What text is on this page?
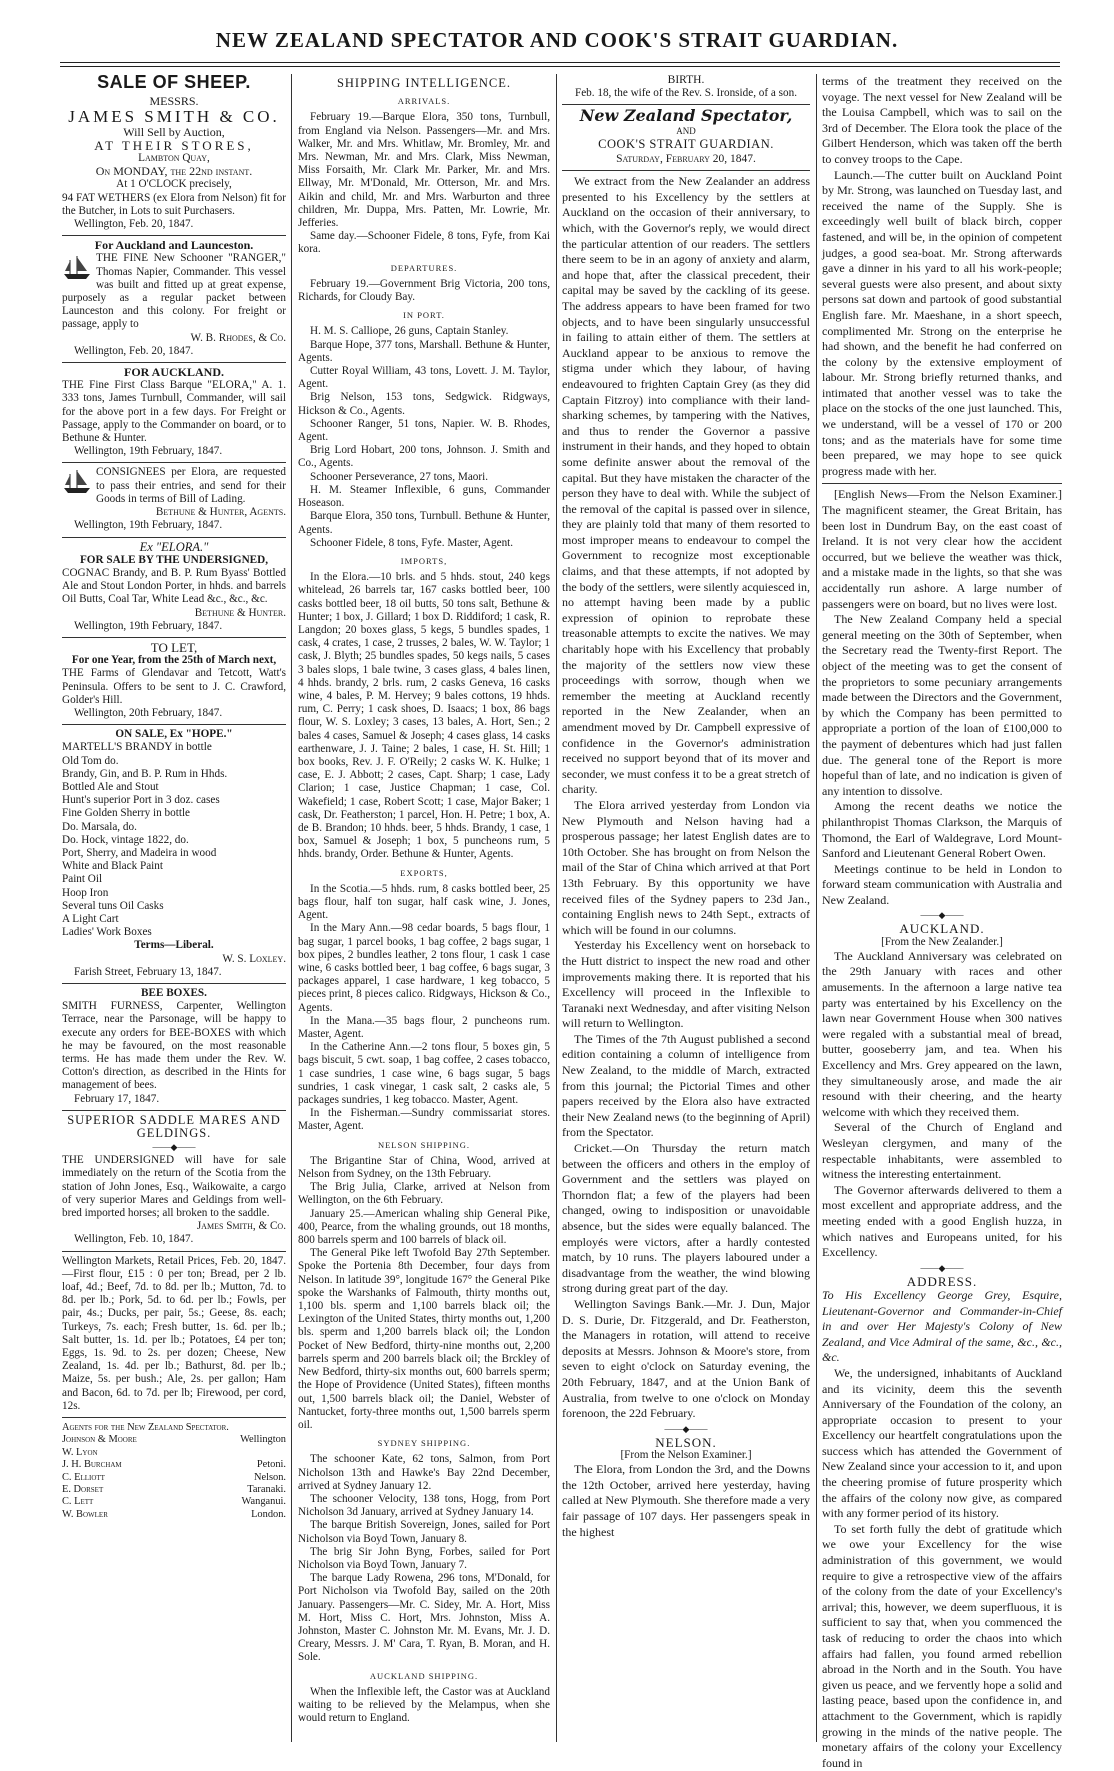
NEW ZEALAND SPECTATOR AND COOK'S STRAIT GUARDIAN.
SALE OF SHEEP.
MESSRS.
JAMES SMITH & CO.
Will Sell by Auction,
AT THEIR STORES,
Lambton Quay,
On MONDAY, the 22nd instant.
At 1 O'CLOCK precisely,

94 FAT WETHERS (ex Elora from Nelson) fit for the Butcher, in Lots to suit Purchasers.

Wellington, Feb. 20, 1847.

For Auckland and Launceston.

THE FINE New Schooner "RANGER," Thomas Napier, Commander. This vessel was built and fitted up at great expense, purposely as a regular packet between Launceston and this colony. For freight or passage, apply to

W. B. Rhodes, & Co.

Wellington, Feb. 20, 1847.

FOR AUCKLAND.

THE Fine First Class Barque "ELORA," A. 1. 333 tons, James Turnbull, Commander, will sail for the above port in a few days. For Freight or Passage, apply to the Commander on board, or to Bethune & Hunter.

Wellington, 19th February, 1847.

CONSIGNEES per Elora, are requested to pass their entries, and send for their Goods in terms of Bill of Lading.

Bethune & Hunter, Agents.

Wellington, 19th February, 1847.

Ex "ELORA."
FOR SALE BY THE UNDERSIGNED,

COGNAC Brandy, and B. P. Rum Byass' Bottled Ale and Stout London Porter, in hhds. and barrels Oil Butts, Coal Tar, White Lead &c., &c., &c.

Bethune & Hunter.

Wellington, 19th February, 1847.

TO LET,
For one Year, from the 25th of March next,

THE Farms of Glendavar and Tetcott, Watt's Peninsula. Offers to be sent to J. C. Crawford, Golder's Hill.

Wellington, 20th February, 1847.

ON SALE, Ex "HOPE."
MARTELL'S BRANDY in bottle
Old Tom do.
Brandy, Gin, and B. P. Rum in Hhds.
Bottled Ale and Stout
Hunt's superior Port in 3 doz. cases
Fine Golden Sherry in bottle
Do. Marsala, do.
Do. Hock, vintage 1822, do.
Port, Sherry, and Madeira in wood
White and Black Paint
Paint Oil
Hoop Iron
Several tuns Oil Casks
A Light Cart
Ladies' Work Boxes
Terms—Liberal.

W. S. Loxley.

Farish Street, February 13, 1847.

BEE BOXES.

SMITH FURNESS, Carpenter, Wellington Terrace, near the Parsonage, will be happy to execute any orders for BEE-BOXES with which he may be favoured, on the most reasonable terms. He has made them under the Rev. W. Cotton's direction, as described in the Hints for management of bees.

February 17, 1847.

SUPERIOR SADDLE MARES AND GELDINGS.
——◆——

THE UNDERSIGNED will have for sale immediately on the return of the Scotia from the station of John Jones, Esq., Waikowaite, a cargo of very superior Mares and Geldings from well-bred imported horses; all broken to the saddle.

James Smith, & Co.

Wellington, Feb. 10, 1847.

Wellington Markets, Retail Prices, Feb. 20, 1847.—First flour, £15 : 0 per ton; Bread, per 2 lb. loaf, 4d.; Beef, 7d. to 8d. per lb.; Mutton, 7d. to 8d. per lb.; Pork, 5d. to 6d. per lb.; Fowls, per pair, 4s.; Ducks, per pair, 5s.; Geese, 8s. each; Turkeys, 7s. each; Fresh butter, 1s. 6d. per lb.; Salt butter, 1s. 1d. per lb.; Potatoes, £4 per ton; Eggs, 1s. 9d. to 2s. per dozen; Cheese, New Zealand, 1s. 4d. per lb.; Bathurst, 8d. per lb.; Maize, 5s. per bush.; Ale, 2s. per gallon; Ham and Bacon, 6d. to 7d. per lb; Firewood, per cord, 12s.

Agents for the New Zealand Spectator.
Johnson & Moore	Wellington
W. Lyon
J. H. Burcham	Petoni.
C. Elliott	Nelson.
E. Dorset	Taranaki.
C. Lett	Wanganui.
W. Bowler	London.
SHIPPING INTELLIGENCE.
ARRIVALS.

February 19.—Barque Elora, 350 tons, Turnbull, from England via Nelson. Passengers—Mr. and Mrs. Walker, Mr. and Mrs. Whitlaw, Mr. Bromley, Mr. and Mrs. Newman, Mr. and Mrs. Clark, Miss Newman, Miss Forsaith, Mr. Clark Mr. Parker, Mr. and Mrs. Ellway, Mr. M'Donald, Mr. Otterson, Mr. and Mrs. Aikin and child, Mr. and Mrs. Warburton and three children, Mr. Duppa, Mrs. Patten, Mr. Lowrie, Mr. Jefferies.

Same day.—Schooner Fidele, 8 tons, Fyfe, from Kai kora.

DEPARTURES.

February 19.—Government Brig Victoria, 200 tons, Richards, for Cloudy Bay.

IN PORT.

H. M. S. Calliope, 26 guns, Captain Stanley.

Barque Hope, 377 tons, Marshall. Bethune & Hunter, Agents.

Cutter Royal William, 43 tons, Lovett. J. M. Taylor, Agent.

Brig Nelson, 153 tons, Sedgwick. Ridgways, Hickson & Co., Agents.

Schooner Ranger, 51 tons, Napier. W. B. Rhodes, Agent.

Brig Lord Hobart, 200 tons, Johnson. J. Smith and Co., Agents.

Schooner Perseverance, 27 tons, Maori.

H. M. Steamer Inflexible, 6 guns, Commander Hoseason.

Barque Elora, 350 tons, Turnbull. Bethune & Hunter, Agents.

Schooner Fidele, 8 tons, Fyfe. Master, Agent.

IMPORTS,

In the Elora.—10 brls. and 5 hhds. stout, 240 kegs whitelead, 26 barrels tar, 167 casks bottled beer, 100 casks bottled beer, 18 oil butts, 50 tons salt, Bethune & Hunter; 1 box, J. Gillard; 1 box D. Riddiford; 1 cask, R. Langdon; 20 boxes glass, 5 kegs, 5 bundles spades, 1 cask, 4 crates, 1 case, 2 trusses, 2 bales, W. W. Taylor; 1 cask, J. Blyth; 25 bundles spades, 50 kegs nails, 5 cases 3 bales slops, 1 bale twine, 3 cases glass, 4 bales linen, 4 hhds. brandy, 2 brls. rum, 2 casks Geneva, 16 casks wine, 4 bales, P. M. Hervey; 9 bales cottons, 19 hhds. rum, C. Perry; 1 cask shoes, D. Isaacs; 1 box, 86 bags flour, W. S. Loxley; 3 cases, 13 bales, A. Hort, Sen.; 2 bales 4 cases, Samuel & Joseph; 4 cases glass, 14 casks earthenware, J. J. Taine; 2 bales, 1 case, H. St. Hill; 1 box books, Rev. J. F. O'Reily; 2 casks W. K. Hulke; 1 case, E. J. Abbott; 2 cases, Capt. Sharp; 1 case, Lady Clarion; 1 case, Justice Chapman; 1 case, Col. Wakefield; 1 case, Robert Scott; 1 case, Major Baker; 1 cask, Dr. Featherston; 1 parcel, Hon. H. Petre; 1 box, A. de B. Brandon; 10 hhds. beer, 5 hhds. Brandy, 1 case, 1 box, Samuel & Joseph; 1 box, 5 puncheons rum, 5 hhds. brandy, Order. Bethune & Hunter, Agents.

EXPORTS,

In the Scotia.—5 hhds. rum, 8 casks bottled beer, 25 bags flour, half ton sugar, half cask wine, J. Jones, Agent.

In the Mary Ann.—98 cedar boards, 5 bags flour, 1 bag sugar, 1 parcel books, 1 bag coffee, 2 bags sugar, 1 box pipes, 2 bundles leather, 2 tons flour, 1 cask 1 case wine, 6 casks bottled beer, 1 bag coffee, 6 bags sugar, 3 packages apparel, 1 case hardware, 1 keg tobacco, 5 pieces print, 8 pieces calico. Ridgways, Hickson & Co., Agents.

In the Mana.—35 bags flour, 2 puncheons rum. Master, Agent.

In the Catherine Ann.—2 tons flour, 5 boxes gin, 5 bags biscuit, 5 cwt. soap, 1 bag coffee, 2 cases tobacco, 1 case sundries, 1 case wine, 6 bags sugar, 5 bags sundries, 1 cask vinegar, 1 cask salt, 2 casks ale, 5 packages sundries, 1 keg tobacco. Master, Agent.

In the Fisherman.—Sundry commissariat stores. Master, Agent.

NELSON SHIPPING.

The Brigantine Star of China, Wood, arrived at Nelson from Sydney, on the 13th February.

The Brig Julia, Clarke, arrived at Nelson from Wellington, on the 6th February.

January 25.—American whaling ship General Pike, 400, Pearce, from the whaling grounds, out 18 months, 800 barrels sperm and 100 barrels of black oil.

The General Pike left Twofold Bay 27th September. Spoke the Portenia 8th December, four days from Nelson. In latitude 39°, longitude 167° the General Pike spoke the Warshanks of Falmouth, thirty months out, 1,100 bls. sperm and 1,100 barrels black oil; the Lexington of the United States, thirty months out, 1,200 bls. sperm and 1,200 barrels black oil; the London Pocket of New Bedford, thirty-nine months out, 2,200 barrels sperm and 200 barrels black oil; the Brckley of New Bedford, thirty-six months out, 600 barrels sperm; the Hope of Providence (United States), fifteen months out, 1,500 barrels black oil; the Daniel, Webster of Nantucket, forty-three months out, 1,500 barrels sperm oil.

SYDNEY SHIPPING.

The schooner Kate, 62 tons, Salmon, from Port Nicholson 13th and Hawke's Bay 22nd December, arrived at Sydney January 12.

The schooner Velocity, 138 tons, Hogg, from Port Nicholson 3d January, arrived at Sydney January 14.

The barque British Sovereign, Jones, sailed for Port Nicholson via Boyd Town, January 8.

The brig Sir John Byng, Forbes, sailed for Port Nicholson via Boyd Town, January 7.

The barque Lady Rowena, 296 tons, M'Donald, for Port Nicholson via Twofold Bay, sailed on the 20th January. Passengers—Mr. C. Sidey, Mr. A. Hort, Miss M. Hort, Miss C. Hort, Mrs. Johnston, Miss A. Johnston, Master C. Johnston Mr. M. Evans, Mr. J. D. Creary, Messrs. J. M' Cara, T. Ryan, B. Moran, and H. Sole.

AUCKLAND SHIPPING.

When the Inflexible left, the Castor was at Auckland waiting to be relieved by the Melampus, when she would return to England.

BIRTH.
Feb. 18, the wife of the Rev. S. Ironside, of a son.
New Zealand Spectator,
AND
COOK'S STRAIT GUARDIAN.
Saturday, February 20, 1847.

We extract from the New Zealander an address presented to his Excellency by the settlers at Auckland on the occasion of their anniversary, to which, with the Governor's reply, we would direct the particular attention of our readers. The settlers there seem to be in an agony of anxiety and alarm, and hope that, after the classical precedent, their capital may be saved by the cackling of its geese. The address appears to have been framed for two objects, and to have been singularly unsuccessful in failing to attain either of them. The settlers at Auckland appear to be anxious to remove the stigma under which they labour, of having endeavoured to frighten Captain Grey (as they did Captain Fitzroy) into compliance with their land-sharking schemes, by tampering with the Natives, and thus to render the Governor a passive instrument in their hands, and they hoped to obtain some definite answer about the removal of the capital. But they have mistaken the character of the person they have to deal with. While the subject of the removal of the capital is passed over in silence, they are plainly told that many of them resorted to most improper means to endeavour to compel the Government to recognize most exceptionable claims, and that these attempts, if not adopted by the body of the settlers, were silently acquiesced in, no attempt having been made by a public expression of opinion to reprobate these treasonable attempts to excite the natives. We may charitably hope with his Excellency that probably the majority of the settlers now view these proceedings with sorrow, though when we remember the meeting at Auckland recently reported in the New Zealander, when an amendment moved by Dr. Campbell expressive of confidence in the Governor's administration received no support beyond that of its mover and seconder, we must confess it to be a great stretch of charity.

The Elora arrived yesterday from London via New Plymouth and Nelson having had a prosperous passage; her latest English dates are to 10th October. She has brought on from Nelson the mail of the Star of China which arrived at that Port 13th February. By this opportunity we have received files of the Sydney papers to 23d Jan., containing English news to 24th Sept., extracts of which will be found in our columns.

Yesterday his Excellency went on horseback to the Hutt district to inspect the new road and other improvements making there. It is reported that his Excellency will proceed in the Inflexible to Taranaki next Wednesday, and after visiting Nelson will return to Wellington.

The Times of the 7th August published a second edition containing a column of intelligence from New Zealand, to the middle of March, extracted from this journal; the Pictorial Times and other papers received by the Elora also have extracted their New Zealand news (to the beginning of April) from the Spectator.

Cricket.—On Thursday the return match between the officers and others in the employ of Government and the settlers was played on Thorndon flat; a few of the players had been changed, owing to indisposition or unavoidable absence, but the sides were equally balanced. The employés were victors, after a hardly contested match, by 10 runs. The players laboured under a disadvantage from the weather, the wind blowing strong during great part of the day.

Wellington Savings Bank.—Mr. J. Dun, Major D. S. Durie, Dr. Fitzgerald, and Dr. Featherston, the Managers in rotation, will attend to receive deposits at Messrs. Johnson & Moore's store, from seven to eight o'clock on Saturday evening, the 20th February, 1847, and at the Union Bank of Australia, from twelve to one o'clock on Monday forenoon, the 22d February.

——◆——
NELSON.
[From the Nelson Examiner.]

The Elora, from London the 3rd, and the Downs the 12th October, arrived here yesterday, having called at New Plymouth. She therefore made a very fair passage of 107 days. Her passengers speak in the highest

terms of the treatment they received on the voyage. The next vessel for New Zealand will be the Louisa Campbell, which was to sail on the 3rd of December. The Elora took the place of the Gilbert Henderson, which was taken off the berth to convey troops to the Cape.

Launch.—The cutter built on Auckland Point by Mr. Strong, was launched on Tuesday last, and received the name of the Supply. She is exceedingly well built of black birch, copper fastened, and will be, in the opinion of competent judges, a good sea-boat. Mr. Strong afterwards gave a dinner in his yard to all his work-people; several guests were also present, and about sixty persons sat down and partook of good substantial English fare. Mr. Maeshane, in a short speech, complimented Mr. Strong on the enterprise he had shown, and the benefit he had conferred on the colony by the extensive employment of labour. Mr. Strong briefly returned thanks, and intimated that another vessel was to take the place on the stocks of the one just launched. This, we understand, will be a vessel of 170 or 200 tons; and as the materials have for some time been prepared, we may hope to see quick progress made with her.

[English News—From the Nelson Examiner.] The magnificent steamer, the Great Britain, has been lost in Dundrum Bay, on the east coast of Ireland. It is not very clear how the accident occurred, but we believe the weather was thick, and a mistake made in the lights, so that she was accidentally run ashore. A large number of passengers were on board, but no lives were lost.

The New Zealand Company held a special general meeting on the 30th of September, when the Secretary read the Twenty-first Report. The object of the meeting was to get the consent of the proprietors to some pecuniary arrangements made between the Directors and the Government, by which the Company has been permitted to appropriate a portion of the loan of £100,000 to the payment of debentures which had just fallen due. The general tone of the Report is more hopeful than of late, and no indication is given of any intention to dissolve.

Among the recent deaths we notice the philanthropist Thomas Clarkson, the Marquis of Thomond, the Earl of Waldegrave, Lord Mount-Sanford and Lieutenant General Robert Owen.

Meetings continue to be held in London to forward steam communication with Australia and New Zealand.

——◆——
AUCKLAND.
[From the New Zealander.]

The Auckland Anniversary was celebrated on the 29th January with races and other amusements. In the afternoon a large native tea party was entertained by his Excellency on the lawn near Government House when 300 natives were regaled with a substantial meal of bread, butter, gooseberry jam, and tea. When his Excellency and Mrs. Grey appeared on the lawn, they simultaneously arose, and made the air resound with their cheering, and the hearty welcome with which they received them.

Several of the Church of England and Wesleyan clergymen, and many of the respectable inhabitants, were assembled to witness the interesting entertainment.

The Governor afterwards delivered to them a most excellent and appropriate address, and the meeting ended with a good English huzza, in which natives and Europeans united, for his Excellency.

——◆——
ADDRESS.

To His Excellency George Grey, Esquire, Lieutenant-Governor and Commander-in-Chief in and over Her Majesty's Colony of New Zealand, and Vice Admiral of the same, &c., &c., &c.

We, the undersigned, inhabitants of Auckland and its vicinity, deem this the seventh Anniversary of the Foundation of the colony, an appropriate occasion to present to your Excellency our heartfelt congratulations upon the success which has attended the Government of New Zealand since your accession to it, and upon the cheering promise of future prosperity which the affairs of the colony now give, as compared with any former period of its history.

To set forth fully the debt of gratitude which we owe your Excellency for the wise administration of this government, we would require to give a retrospective view of the affairs of the colony from the date of your Excellency's arrival; this, however, we deem superfluous, it is sufficient to say that, when you commenced the task of reducing to order the chaos into which affairs had fallen, you found armed rebellion abroad in the North and in the South. You have given us peace, and we fervently hope a solid and lasting peace, based upon the confidence in, and attachment to the Government, which is rapidly growing in the minds of the native people. The monetary affairs of the colony your Excellency found in
